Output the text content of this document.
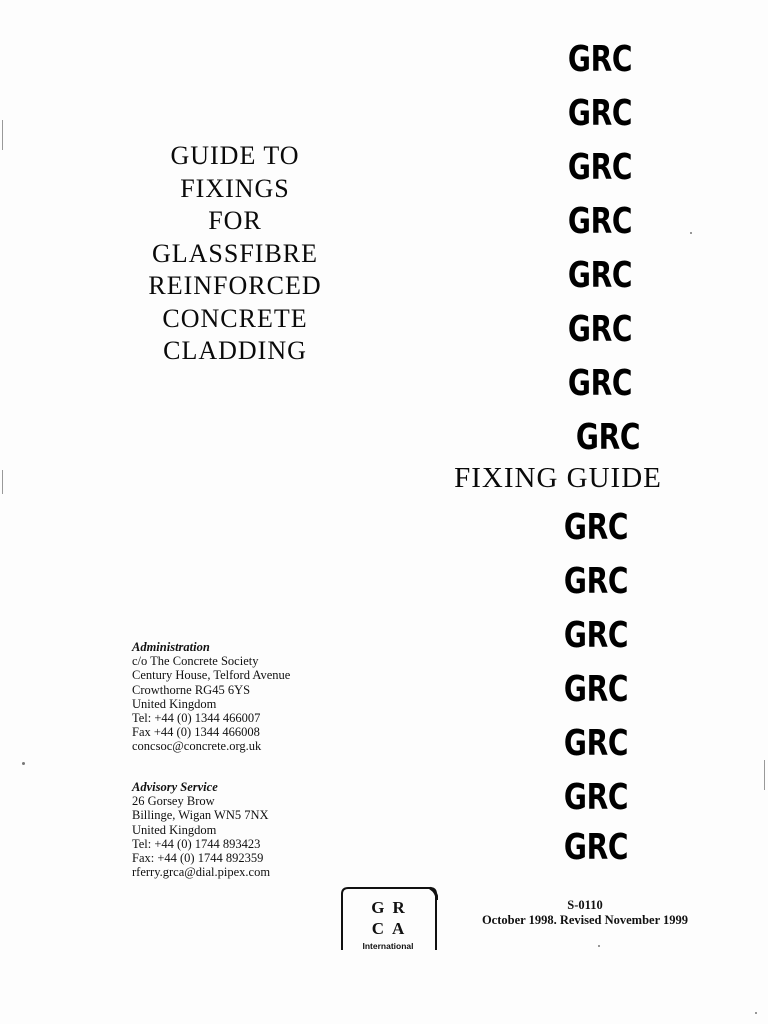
GUIDE TO
FIXINGS
FOR
GLASSFIBRE
REINFORCED
CONCRETE
CLADDING
GRC
GRC
GRC
GRC
GRC
GRC
GRC
GRC
GRC
GRC
GRC
GRC
GRC
GRC
GRC
FIXING GUIDE
Administration
c/o The Concrete Society
Century House, Telford Avenue
Crowthorne RG45 6YS
United Kingdom
Tel: +44 (0) 1344 466007
Fax +44 (0) 1344 466008
concsoc@concrete.org.uk
Advisory Service
26 Gorsey Brow
Billinge, Wigan WN5 7NX
United Kingdom
Tel: +44 (0) 1744 893423
Fax: +44 (0) 1744 892359
rferry.grca@dial.pipex.com
GR
CA
International
S-0110
October 1998. Revised November 1999
